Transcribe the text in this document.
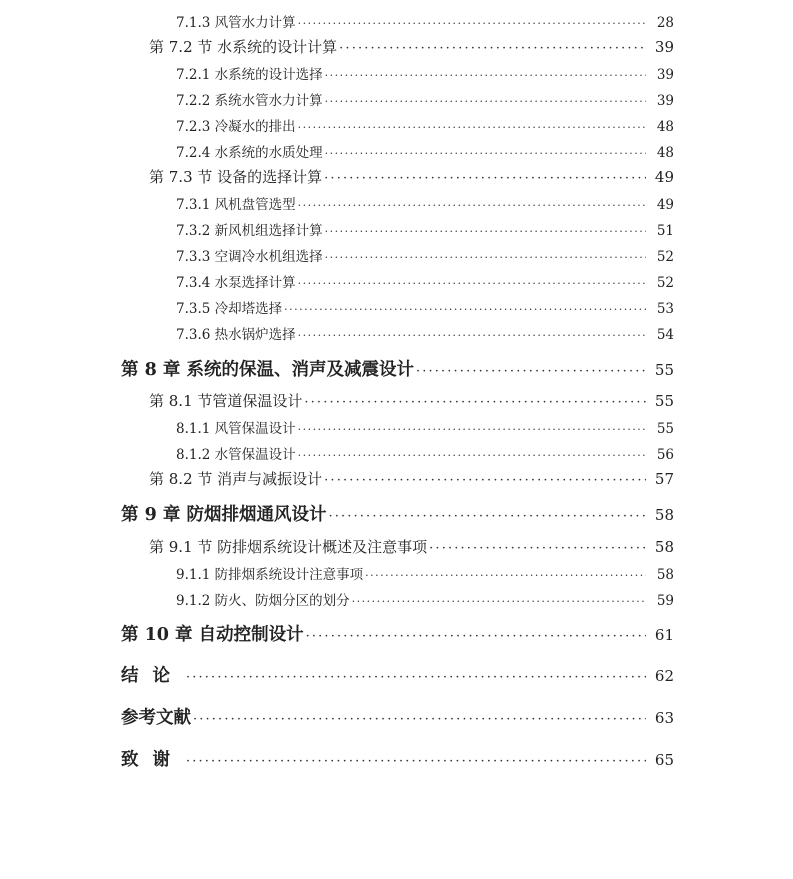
7.1.3 风管水力计算 · · ·	28
第 7.2 节 水系统的设计计算 · · ·	39
7.2.1 水系统的设计选择 · · ·	39
7.2.2 系统水管水力计算 · · ·	39
7.2.3 冷凝水的排出 · · ·	48
7.2.4 水系统的水质处理 · · ·	48
第 7.3 节 设备的选择计算 · · ·	49
7.3.1 风机盘管选型 · · ·	49
7.3.2 新风机组选择计算 · · ·	51
7.3.3 空调冷水机组选择 · · ·	52
7.3.4 水泵选择计算 · · ·	52
7.3.5 冷却塔选择 · · ·	53
7.3.6 热水锅炉选择 · · ·	54
第 8 章 系统的保温、消声及减震设计 · · ·	55
第 8.1 节管道保温设计 · · ·	55
8.1.1 风管保温设计 · · ·	55
8.1.2 水管保温设计 · · ·	56
第 8.2 节 消声与减振设计 · · ·	57
第 9 章 防烟排烟通风设计 · · ·	58
第 9.1 节 防排烟系统设计概述及注意事项 · · ·	58
9.1.1 防排烟系统设计注意事项 · · ·	58
9.1.2 防火、防烟分区的划分 · · ·	59
第 10 章 自动控制设计 · · ·	61
结论 · · ·	62
参考文献 · · ·	63
致谢 · · ·	65
